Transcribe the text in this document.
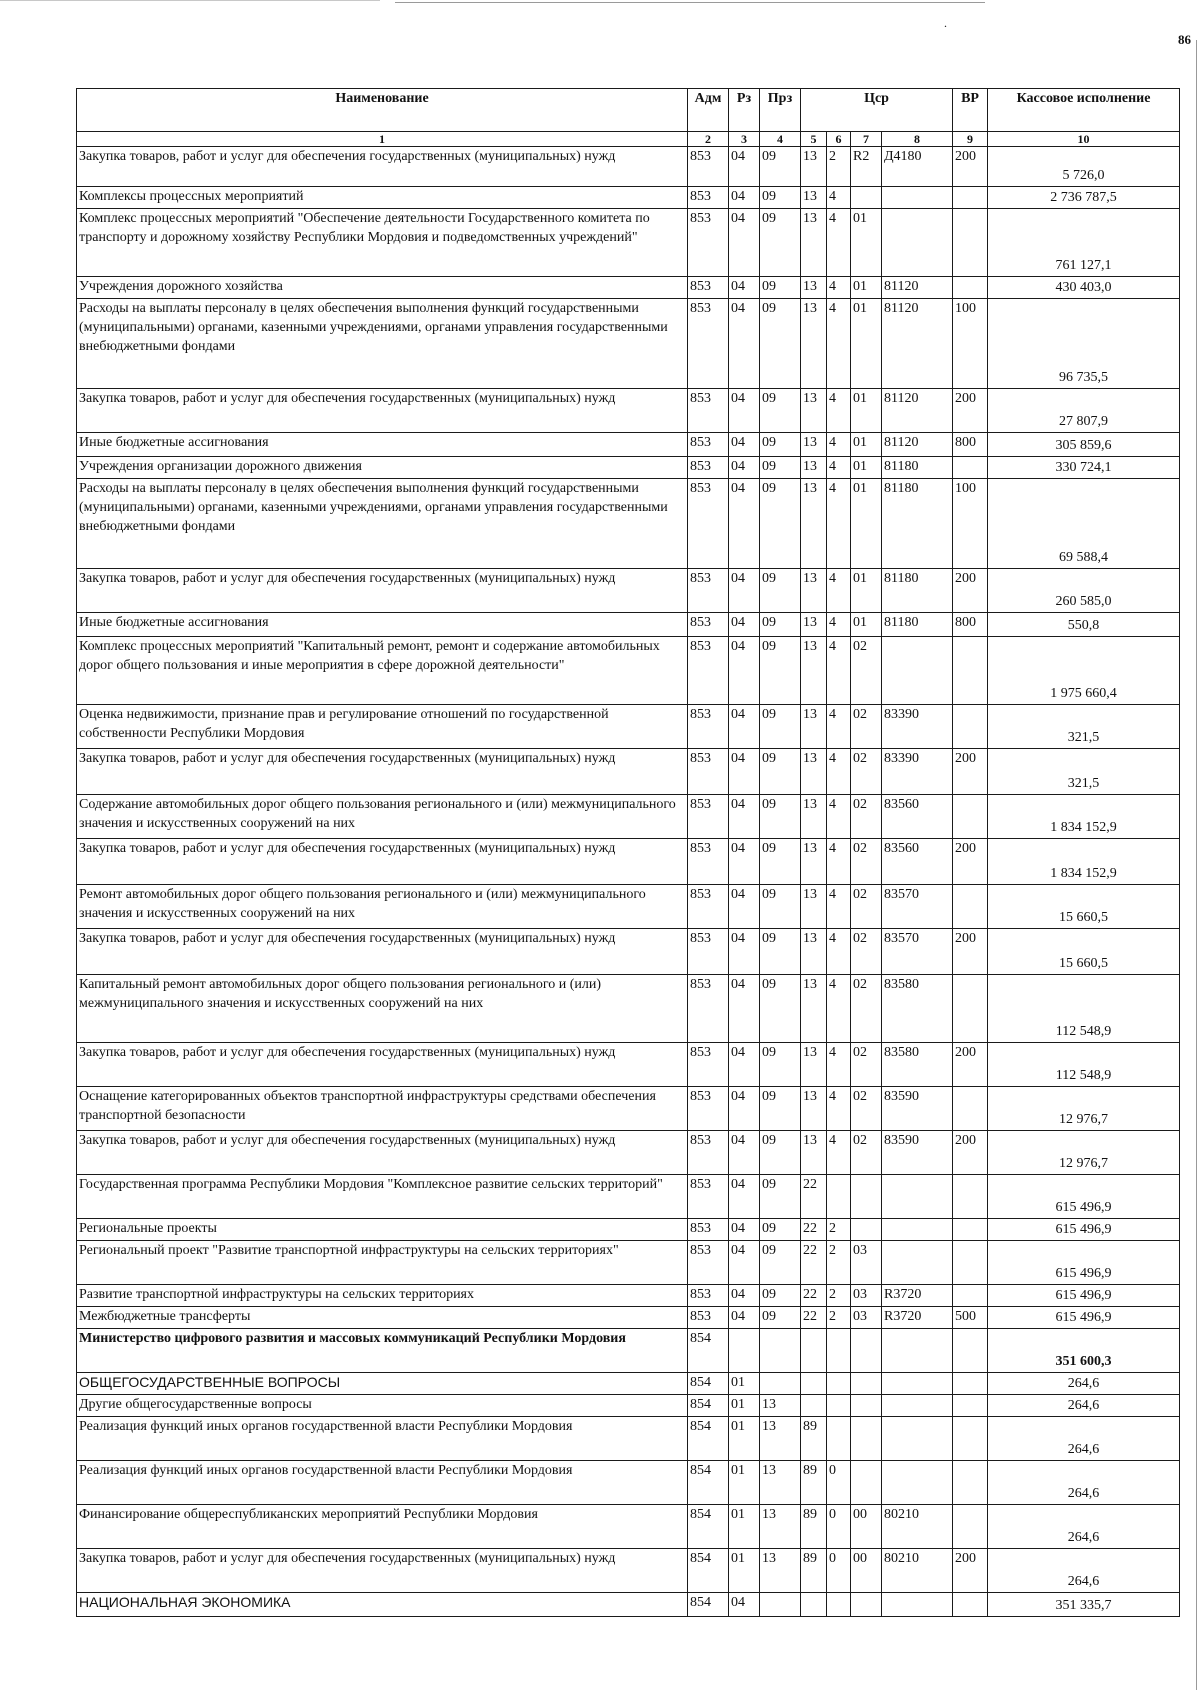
86
.
Наименование	Адм	Рз	Прз	Цср				ВР	Кассовое исполнение
1	2	3	4	5	6	7	8	9	10
Закупка товаров, работ и услуг для обеспечения государственных (муниципальных) нужд	853	04	09	13	2	R2	Д4180	200	5 726,0
Комплексы процессных мероприятий	853	04	09	13	4				2 736 787,5
Комплекс процессных мероприятий "Обеспечение деятельности Государственного комитета по транспорту и дорожному хозяйству Республики Мордовия и подведомственных учреждений"	853	04	09	13	4	01			761 127,1
Учреждения дорожного хозяйства	853	04	09	13	4	01	81120		430 403,0
Расходы на выплаты персоналу в целях обеспечения выполнения функций государственными (муниципальными) органами, казенными учреждениями, органами управления государственными внебюджетными фондами	853	04	09	13	4	01	81120	100	96 735,5
Закупка товаров, работ и услуг для обеспечения государственных (муниципальных) нужд	853	04	09	13	4	01	81120	200	27 807,9
Иные бюджетные ассигнования	853	04	09	13	4	01	81120	800	305 859,6
Учреждения организации дорожного движения	853	04	09	13	4	01	81180		330 724,1
Расходы на выплаты персоналу в целях обеспечения выполнения функций государственными (муниципальными) органами, казенными учреждениями, органами управления государственными внебюджетными фондами	853	04	09	13	4	01	81180	100	69 588,4
Закупка товаров, работ и услуг для обеспечения государственных (муниципальных) нужд	853	04	09	13	4	01	81180	200	260 585,0
Иные бюджетные ассигнования	853	04	09	13	4	01	81180	800	550,8
Комплекс процессных мероприятий "Капитальный ремонт, ремонт и содержание автомобильных дорог общего пользования и иные мероприятия в сфере дорожной деятельности"	853	04	09	13	4	02			1 975 660,4
Оценка недвижимости, признание прав и регулирование отношений по государственной собственности Республики Мордовия	853	04	09	13	4	02	83390		321,5
Закупка товаров, работ и услуг для обеспечения государственных (муниципальных) нужд	853	04	09	13	4	02	83390	200	321,5
Содержание автомобильных дорог общего пользования регионального и (или) межмуниципального значения и искусственных сооружений на них	853	04	09	13	4	02	83560		1 834 152,9
Закупка товаров, работ и услуг для обеспечения государственных (муниципальных) нужд	853	04	09	13	4	02	83560	200	1 834 152,9
Ремонт автомобильных дорог общего пользования регионального и (или) межмуниципального значения и искусственных сооружений на них	853	04	09	13	4	02	83570		15 660,5
Закупка товаров, работ и услуг для обеспечения государственных (муниципальных) нужд	853	04	09	13	4	02	83570	200	15 660,5
Капитальный ремонт автомобильных дорог общего пользования регионального и (или) межмуниципального значения и искусственных сооружений на них	853	04	09	13	4	02	83580		112 548,9
Закупка товаров, работ и услуг для обеспечения государственных (муниципальных) нужд	853	04	09	13	4	02	83580	200	112 548,9
Оснащение категорированных объектов транспортной инфраструктуры средствами обеспечения транспортной безопасности	853	04	09	13	4	02	83590		12 976,7
Закупка товаров, работ и услуг для обеспечения государственных (муниципальных) нужд	853	04	09	13	4	02	83590	200	12 976,7
Государственная программа Республики Мордовия "Комплексное развитие сельских территорий"	853	04	09	22					615 496,9
Региональные проекты	853	04	09	22	2				615 496,9
Региональный проект "Развитие транспортной инфраструктуры на сельских территориях"	853	04	09	22	2	03			615 496,9
Развитие транспортной инфраструктуры на сельских территориях	853	04	09	22	2	03	R3720		615 496,9
Межбюджетные трансферты	853	04	09	22	2	03	R3720	500	615 496,9
Министерство цифрового развития и массовых коммуникаций Республики Мордовия	854								351 600,3
ОБЩЕГОСУДАРСТВЕННЫЕ ВОПРОСЫ	854	01							264,6
Другие общегосударственные вопросы	854	01	13						264,6
Реализация функций иных органов государственной власти Республики Мордовия	854	01	13	89					264,6
Реализация функций иных органов государственной власти Республики Мордовия	854	01	13	89	0				264,6
Финансирование общереспубликанских мероприятий Республики Мордовия	854	01	13	89	0	00	80210		264,6
Закупка товаров, работ и услуг для обеспечения государственных (муниципальных) нужд	854	01	13	89	0	00	80210	200	264,6
НАЦИОНАЛЬНАЯ ЭКОНОМИКА	854	04							351 335,7
